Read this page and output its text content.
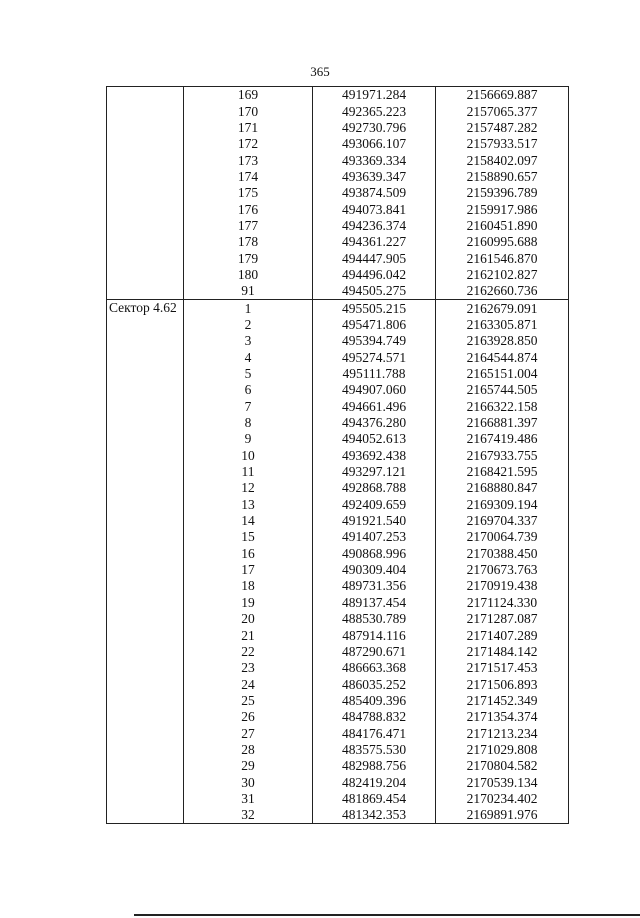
365
	169	491971.284	2156669.887
	170	492365.223	2157065.377
	171	492730.796	2157487.282
	172	493066.107	2157933.517
	173	493369.334	2158402.097
	174	493639.347	2158890.657
	175	493874.509	2159396.789
	176	494073.841	2159917.986
	177	494236.374	2160451.890
	178	494361.227	2160995.688
	179	494447.905	2161546.870
	180	494496.042	2162102.827
	91	494505.275	2162660.736
Сектор 4.62	1	495505.215	2162679.091
	2	495471.806	2163305.871
	3	495394.749	2163928.850
	4	495274.571	2164544.874
	5	495111.788	2165151.004
	6	494907.060	2165744.505
	7	494661.496	2166322.158
	8	494376.280	2166881.397
	9	494052.613	2167419.486
	10	493692.438	2167933.755
	11	493297.121	2168421.595
	12	492868.788	2168880.847
	13	492409.659	2169309.194
	14	491921.540	2169704.337
	15	491407.253	2170064.739
	16	490868.996	2170388.450
	17	490309.404	2170673.763
	18	489731.356	2170919.438
	19	489137.454	2171124.330
	20	488530.789	2171287.087
	21	487914.116	2171407.289
	22	487290.671	2171484.142
	23	486663.368	2171517.453
	24	486035.252	2171506.893
	25	485409.396	2171452.349
	26	484788.832	2171354.374
	27	484176.471	2171213.234
	28	483575.530	2171029.808
	29	482988.756	2170804.582
	30	482419.204	2170539.134
	31	481869.454	2170234.402
	32	481342.353	2169891.976
